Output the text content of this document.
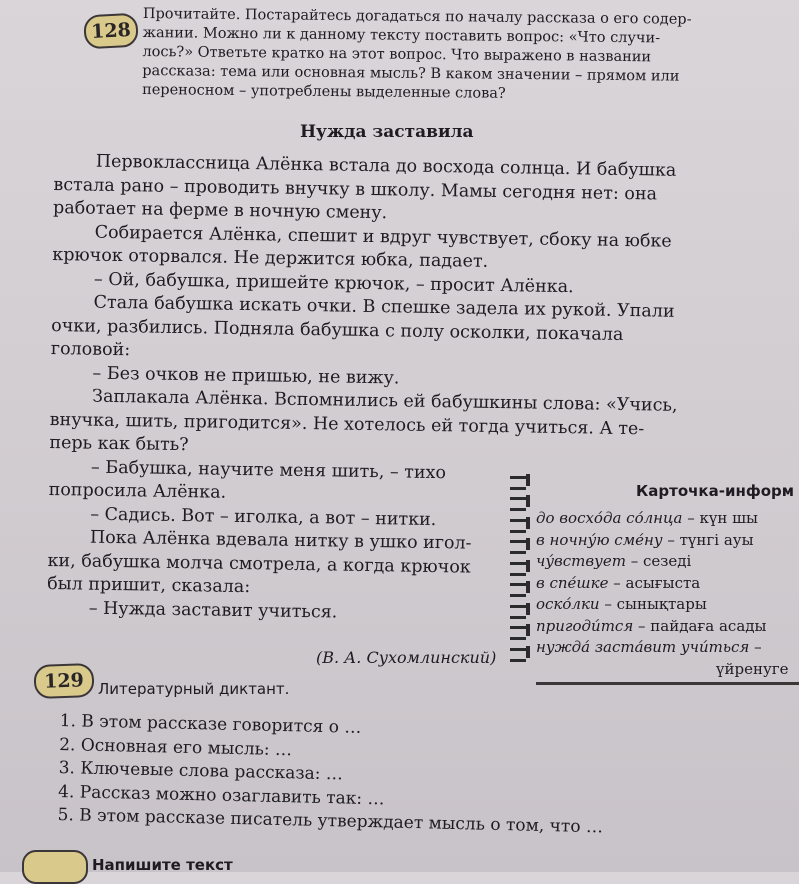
128
Прочитайте. Постарайтесь догадаться по началу рассказа о его содер-
жании. Можно ли к данному тексту поставить вопрос: «Что случи-
лось?» Ответьте кратко на этот вопрос. Что выражено в названии
рассказа: тема или основная мысль? В каком значении – прямом или
переносном – употреблены выделенные слова?
Нужда заставила

Первоклассница Алёнка встала до восхода солнца. И бабушка

встала рано – проводить внучку в школу. Мамы сегодня нет: она

работает на ферме в ночную смену.

Собирается Алёнка, спешит и вдруг чувствует, сбоку на юбке

крючок оторвался. Не держится юбка, падает.

– Ой, бабушка, пришейте крючок, – просит Алёнка.

Стала бабушка искать очки. В спешке задела их рукой. Упали

очки, разбились. Подняла бабушка с полу осколки, покачала

головой:

– Без очков не пришью, не вижу.

Заплакала Алёнка. Вспомнились ей бабушкины слова: «Учись,

внучка, шить, пригодится». Не хотелось ей тогда учиться. А те-

перь как быть?

– Бабушка, научите меня шить, – тихо

попросила Алёнка.

– Садись. Вот – иголка, а вот – нитки.

Пока Алёнка вдевала нитку в ушко игол-

ки, бабушка молча смотрела, а когда крючок

был пришит, сказала:

– Нужда заставит учиться.

(В. А. Сухомлинский)
Карточка-информ
до восхо́да со́лнца – күн шы
в ночну́ю сме́ну – түнгі ауы
чу́вствует – сезеді
в спе́шке – асығыста
оско́лки – сынықтары
пригоди́тся – пайдаға асады
нужда́ заста́вит учи́ться –
үйренуге
129 Литературный диктант.
1. В этом рассказе говорится о …
2. Основная его мысль: …
3. Ключевые слова рассказа: …
4. Рассказ можно озаглавить так: …
5. В этом рассказе писатель утверждает мысль о том, что …
Напишите текст
